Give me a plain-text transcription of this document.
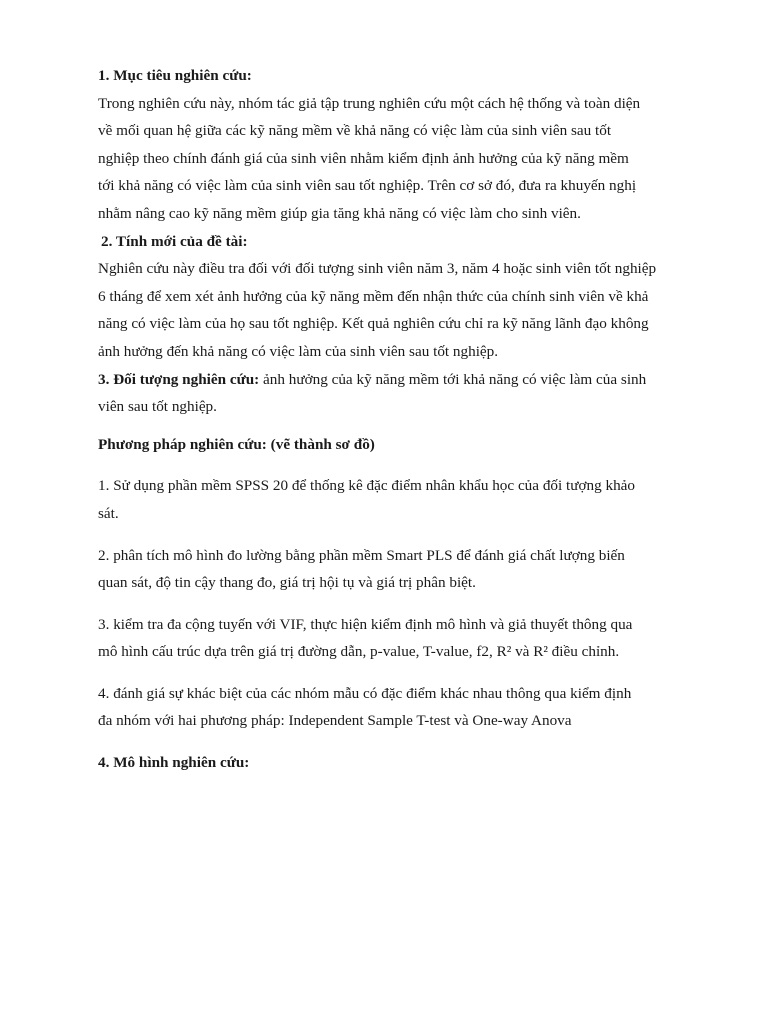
1. Mục tiêu nghiên cứu:
Trong nghiên cứu này, nhóm tác giả tập trung nghiên cứu một cách hệ thống và toàn diện
về mối quan hệ giữa các kỹ năng mềm về khả năng có việc làm của sinh viên sau tốt
nghiệp theo chính đánh giá của sinh viên nhằm kiểm định ảnh hưởng của kỹ năng mềm
tới khả năng có việc làm của sinh viên sau tốt nghiệp. Trên cơ sở đó, đưa ra khuyến nghị
nhằm nâng cao kỹ năng mềm giúp gia tăng khả năng có việc làm cho sinh viên.
2. Tính mới của đề tài:
Nghiên cứu này điều tra đối với đối tượng sinh viên năm 3, năm 4 hoặc sinh viên tốt nghiệp
6 tháng để xem xét ảnh hưởng của kỹ năng mềm đến nhận thức của chính sinh viên về khả
năng có việc làm của họ sau tốt nghiệp. Kết quả nghiên cứu chỉ ra kỹ năng lãnh đạo không
ảnh hưởng đến khả năng có việc làm của sinh viên sau tốt nghiệp.
3. Đối tượng nghiên cứu: ảnh hưởng của kỹ năng mềm tới khả năng có việc làm của sinh
viên sau tốt nghiệp.
Phương pháp nghiên cứu: (vẽ thành sơ đồ)
1. Sử dụng phần mềm SPSS 20 để thống kê đặc điểm nhân khẩu học của đối tượng khảo
sát.
2. phân tích mô hình đo lường bằng phần mềm Smart PLS để đánh giá chất lượng biến
quan sát, độ tin cậy thang đo, giá trị hội tụ và giá trị phân biệt.
3. kiểm tra đa cộng tuyến với VIF, thực hiện kiểm định mô hình và giả thuyết thông qua
mô hình cấu trúc dựa trên giá trị đường dẫn, p-value, T-value, f2, R² và R² điều chỉnh.
4. đánh giá sự khác biệt của các nhóm mẫu có đặc điểm khác nhau thông qua kiểm định
đa nhóm với hai phương pháp: Independent Sample T-test và One-way Anova
4. Mô hình nghiên cứu:
